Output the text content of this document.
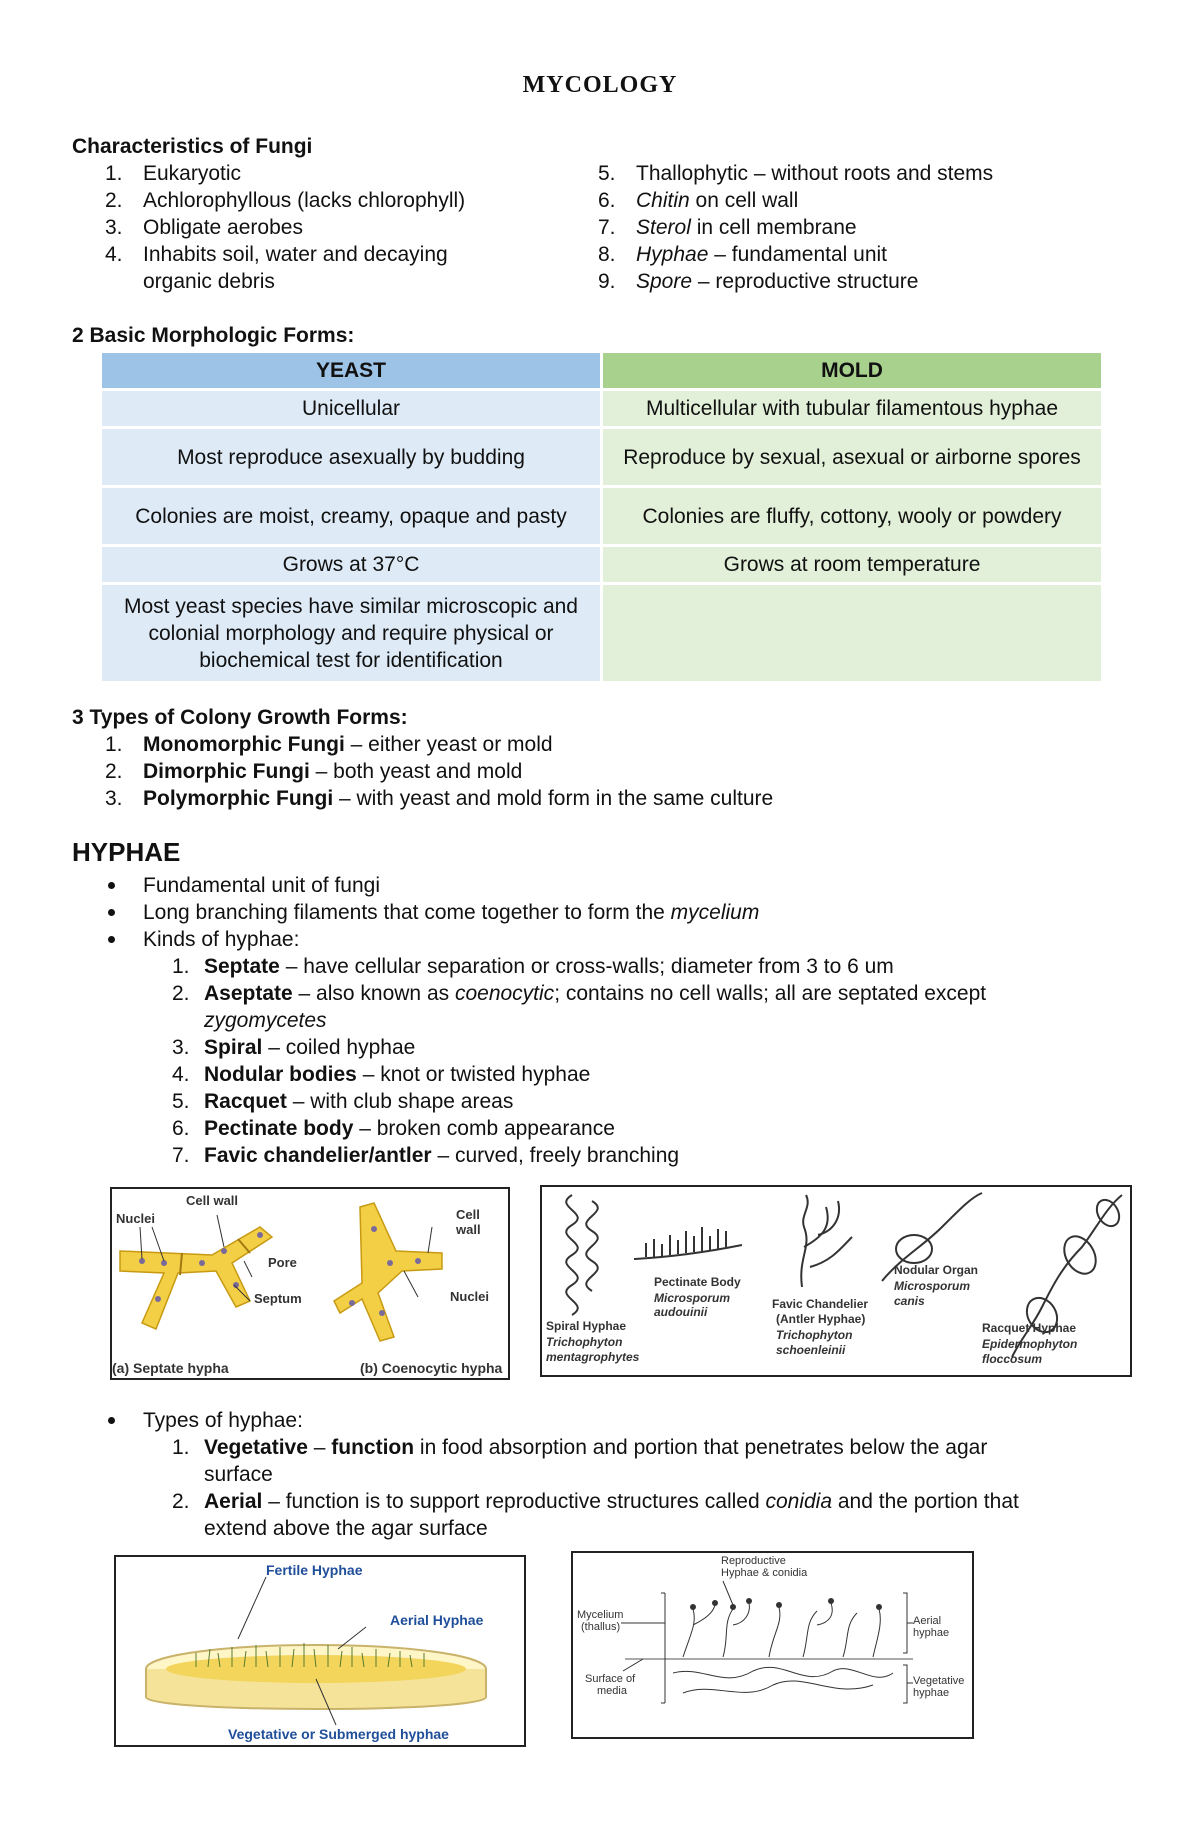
MYCOLOGY
Characteristics of Fungi
1. Eukaryotic
2. Achlorophyllous (lacks chlorophyll)
3. Obligate aerobes
4. Inhabits soil, water and decaying
organic debris
5. Thallophytic – without roots and stems
6. Chitin on cell wall
7. Sterol in cell membrane
8. Hyphae – fundamental unit
9. Spore – reproductive structure
2 Basic Morphologic Forms:
YEAST	MOLD
Unicellular	Multicellular with tubular filamentous hyphae
Most reproduce asexually by budding	Reproduce by sexual, asexual or airborne spores
Colonies are moist, creamy, opaque and pasty	Colonies are fluffy, cottony, wooly or powdery
Grows at 37°C	Grows at room temperature
Most yeast species have similar microscopic and colonial morphology and require physical or biochemical test for identification	
3 Types of Colony Growth Forms:
1. Monomorphic Fungi – either yeast or mold
2. Dimorphic Fungi – both yeast and mold
3. Polymorphic Fungi – with yeast and mold form in the same culture
HYPHAE
Fundamental unit of fungi
Long branching filaments that come together to form the mycelium
Kinds of hyphae:
1. Septate – have cellular separation or cross-walls; diameter from 3 to 6 um
2. Aseptate – also known as coenocytic; contains no cell walls; all are septated except
zygomycetes
3. Spiral – coiled hyphae
4. Nodular bodies – knot or twisted hyphae
5. Racquet – with club shape areas
6. Pectinate body – broken comb appearance
7. Favic chandelier/antler – curved, freely branching
Nuclei
Cell wall
Pore
Septum
(a) Septate hypha
Cell wall
Nuclei
(b) Coenocytic hypha
Pectinate Body
Microsporum
audouinii
Spiral Hyphae
Trichophyton
mentagrophytes
Favic Chandelier
(Antler Hyphae)
Trichophyton
schoenleinii
Nodular Organ
Microsporum
canis
Racquet Hyphae
Epidermophyton
floccosum
Types of hyphae:
1. Vegetative – function in food absorption and portion that penetrates below the agar
surface
2. Aerial – function is to support reproductive structures called conidia and the portion that
extend above the agar surface
Fertile Hyphae
Aerial Hyphae
Vegetative or Submerged hyphae
Reproductive
Hyphae & conidia
Mycelium
(thallus)	Aerial
hyphae
Surface of
media
Vegetative
hyphae
